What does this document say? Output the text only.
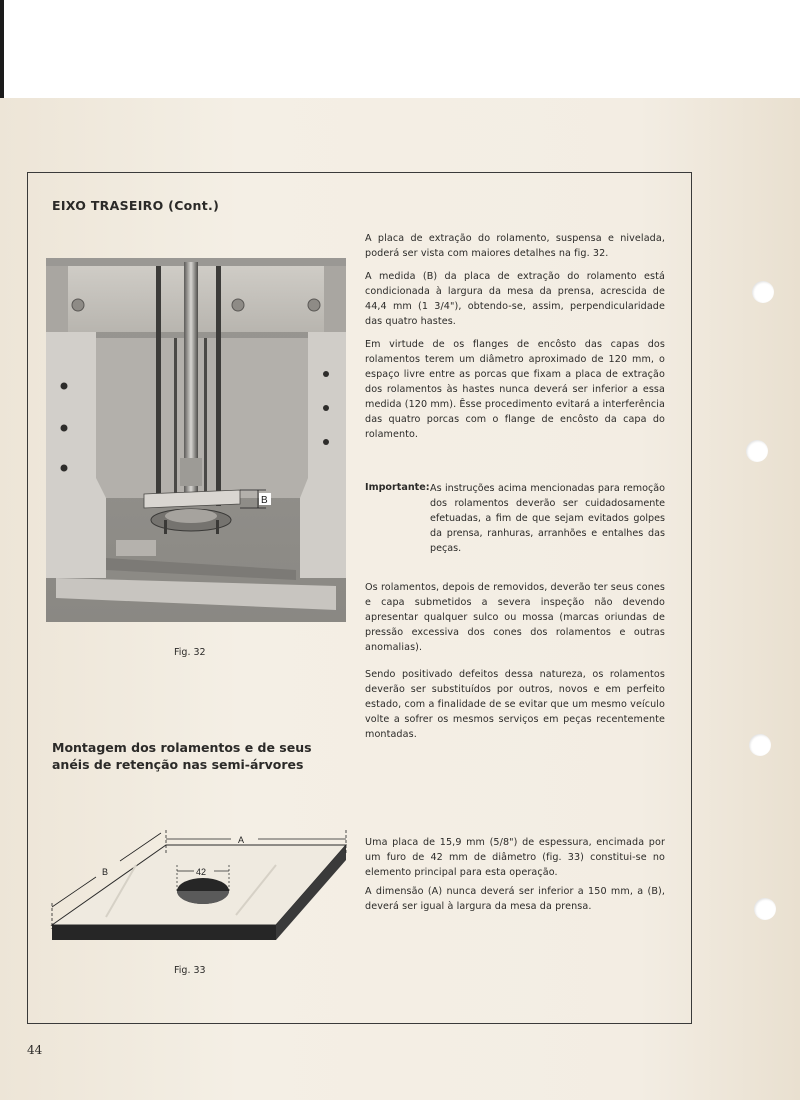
EIXO TRASEIRO (Cont.)
A placa de extração do rolamento, suspensa e nivelada, poderá ser vista com maiores detalhes na fig. 32.
A medida (B) da placa de extração do rolamento está condicionada à largura da mesa da prensa, acrescida de 44,4 mm (1 3/4"), obtendo-se, assim, perpendicularidade das quatro hastes.
Em virtude de os flanges de encôsto das capas dos rolamentos terem um diâmetro aproximado de 120 mm, o espaço livre entre as porcas que fixam a placa de extração dos rolamentos às hastes nunca deverá ser inferior a essa medida (120 mm). Êsse procedimento evitará a interferência das quatro porcas com o flange de encôsto da capa do rolamento.
Importante: As instruções acima mencionadas para remoção dos rolamentos deverão ser cuidadosamente efetuadas, a fim de que sejam evitados golpes da prensa, ranhuras, arranhões e entalhes das peças.
Os rolamentos, depois de removidos, deverão ter seus cones e capa submetidos a severa inspeção não devendo apresentar qualquer sulco ou mossa (marcas oriundas de pressão excessiva dos cones dos rolamentos e outras anomalias).
Sendo positivado defeitos dessa natureza, os rolamentos deverão ser substituídos por outros, novos e em perfeito estado, com a finalidade de se evitar que um mesmo veículo volte a sofrer os mesmos serviços em peças recentemente montadas.
Montagem dos rolamentos e de seus anéis de retenção nas semi-árvores
Uma placa de 15,9 mm (5/8") de espessura, encimada por um furo de 42 mm de diâmetro (fig. 33) constitui-se no elemento principal para esta operação.
A dimensão (A) nunca deverá ser inferior a 150 mm, a (B), deverá ser igual à largura da mesa da prensa.
B
Fig. 32
A
42
B
Fig. 33
44
